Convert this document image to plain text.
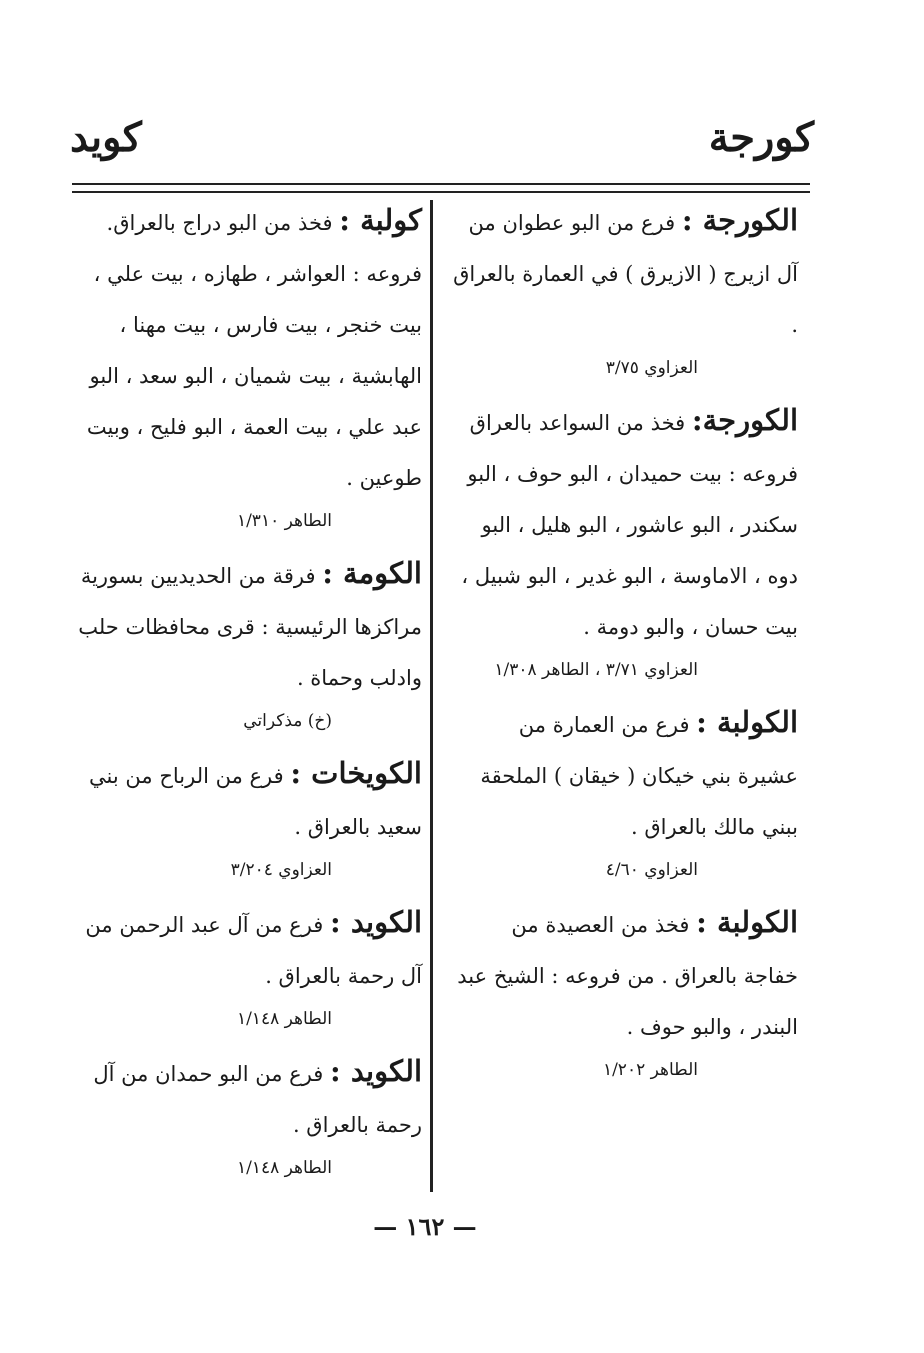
كورجة
كويد

الكورجة : فرع من البو عطوان من آل ازيرج ( الازيرق ) في العمارة بالعراق .

العزاوي ٣/٧٥

الكورجة: فخذ من السواعد بالعراق فروعه : بيت حميدان ، البو حوف ، البو سكندر ، البو عاشور ، البو هليل ، البو دوه ، الاماوسة ، البو غدير ، البو شبيل ، بيت حسان ، والبو دومة .

العزاوي ٣/٧١ ، الطاهر ١/٣٠٨

الكولبة : فرع من العمارة من عشيرة بني خيكان ( خيقان ) الملحقة ببني مالك بالعراق .

العزاوي ٤/٦٠

الكولبة : فخذ من العصيدة من خفاجة بالعراق . من فروعه : الشيخ عبد البندر ، والبو حوف .

الطاهر ١/٢٠٢

كولبة : فخذ من البو دراج بالعراق. فروعه : العواشر ، طهازه ، بيت علي ، بيت خنجر ، بيت فارس ، بيت مهنا ، الهابشية ، بيت شميان ، البو سعد ، البو عبد علي ، بيت العمة ، البو فليح ، وبيت طوعين .

الطاهر ١/٣١٠

الكومة : فرقة من الحديديين بسورية مراكزها الرئيسية : قرى محافظات حلب وادلب وحماة .

(خ) مذكراتي

الكويخات : فرع من الرباح من بني سعيد بالعراق .

العزاوي ٣/٢٠٤

الكويد : فرع من آل عبد الرحمن من آل رحمة بالعراق .

الطاهر ١/١٤٨

الكويد : فرع من البو حمدان من آل رحمة بالعراق .

الطاهر ١/١٤٨

— ١٦٢ —
